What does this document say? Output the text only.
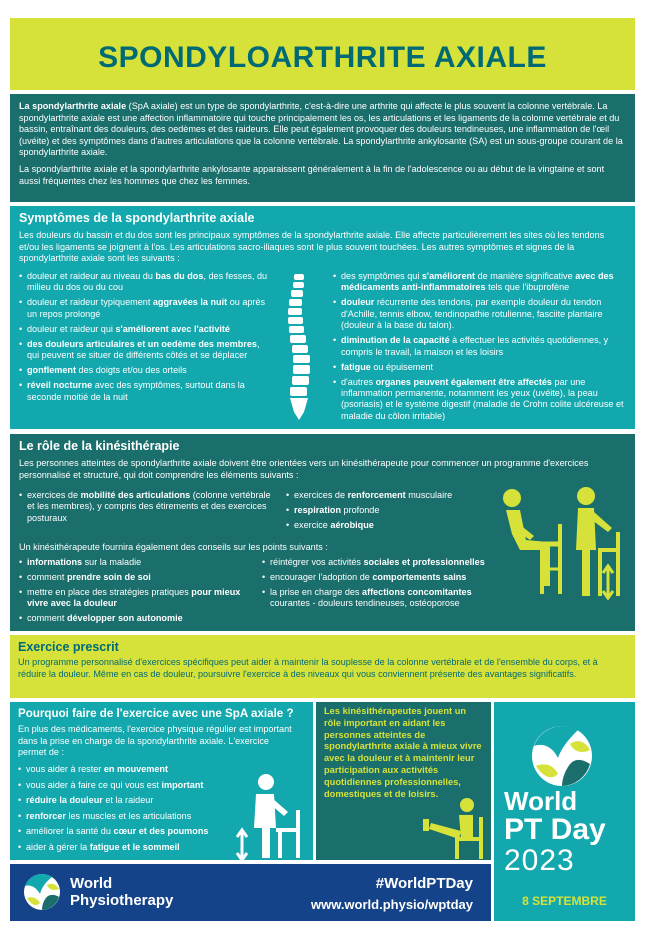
SPONDYLOARTHRITE AXIALE

La spondylarthrite axiale (SpA axiale) est un type de spondylarthrite, c'est-à-dire une arthrite qui affecte le plus souvent la colonne vertébrale. La spondylarthrite axiale est une affection inflammatoire qui touche principalement les os, les articulations et les ligaments de la colonne vertébrale et du bassin, entraînant des douleurs, des oedèmes et des raideurs. Elle peut également provoquer des douleurs tendineuses, une inflammation de l'œil (uvéite) et des symptômes dans d'autres articulations que la colonne vertébrale. La spondylarthrite ankylosante (SA) est un sous-groupe courant de la spondylarthrite axiale.

La spondylarthrite axiale et la spondylarthrite ankylosante apparaissent généralement à la fin de l'adolescence ou au début de la vingtaine et sont aussi fréquentes chez les hommes que chez les femmes.

Symptômes de la spondylarthrite axiale

Les douleurs du bassin et du dos sont les principaux symptômes de la spondylarthrite axiale. Elle affecte particulièrement les sites où les tendons et/ou les ligaments se joignent à l'os. Les articulations sacro-iliaques sont le plus souvent touchées. Les autres symptômes et signes de la spondylarthrite axiale sont les suivants :

• douleur et raideur au niveau du bas du dos, des fesses, du milieu du dos ou du cou
• douleur et raideur typiquement aggravées la nuit ou après un repos prolongé
• douleur et raideur qui s'améliorent avec l'activité
• des douleurs articulaires et un oedème des membres, qui peuvent se situer de différents côtés et se déplacer
• gonflement des doigts et/ou des orteils
• réveil nocturne avec des symptômes, surtout dans la seconde moitié de la nuit
• des symptômes qui s'améliorent de manière significative avec des médicaments anti-inflammatoires tels que l'ibuprofène
• douleur récurrente des tendons, par exemple douleur du tendon d'Achille, tennis elbow, tendinopathie rotulienne, fasciite plantaire (douleur à la base du talon).
• diminution de la capacité à effectuer les activités quotidiennes, y compris le travail, la maison et les loisirs
• fatigue ou épuisement
• d'autres organes peuvent également être affectés par une inflammation permanente, notamment les yeux (uvéite), la peau (psoriasis) et le système digestif (maladie de Crohn colite ulcéreuse et maladie du côlon irritable)
Le rôle de la kinésithérapie

Les personnes atteintes de spondylarthrite axiale doivent être orientées vers un kinésithérapeute pour commencer un programme d'exercices personnalisé et structuré, qui doit comprendre les éléments suivants :

• exercices de mobilité des articulations (colonne vertébrale et les membres), y compris des étirements et des exercices posturaux
• exercices de renforcement musculaire
• respiration profonde
• exercice aérobique

Un kinésithérapeute fournira également des conseils sur les points suivants :

• informations sur la maladie
• comment prendre soin de soi
• mettre en place des stratégies pratiques pour mieux vivre avec la douleur
• comment développer son autonomie
• réintégrer vos activités sociales et professionnelles
• encourager l'adoption de comportements sains
• la prise en charge des affections concomitantes courantes - douleurs tendineuses, ostéoporose
Exercice prescrit

Un programme personnalisé d'exercices spécifiques peut aider à maintenir la souplesse de la colonne vertébrale et de l'ensemble du corps, et à réduire la douleur. Même en cas de douleur, poursuivre l'exercice à des niveaux qui vous conviennent présente des avantages significatifs.

Pourquoi faire de l'exercice avec une SpA axiale ?

En plus des médicaments, l'exercice physique régulier est important dans la prise en charge de la spondylarthrite axiale. L'exercice permet de :

• vous aider à rester en mouvement
• vous aider à faire ce qui vous est important
• réduire la douleur et la raideur
• renforcer les muscles et les articulations
• améliorer la santé du cœur et des poumons
• aider à gérer la fatigue et le sommeil

Les kinésithérapeutes jouent un rôle important en aidant les personnes atteintes de spondylarthrite axiale à mieux vivre avec la douleur et à maintenir leur participation aux activités quotidiennes professionnelles, domestiques et de loisirs.	World
PT Day
2023
8 SEPTEMBRE
World
Physiotherapy
#WorldPTDay
www.world.physio/wptday
